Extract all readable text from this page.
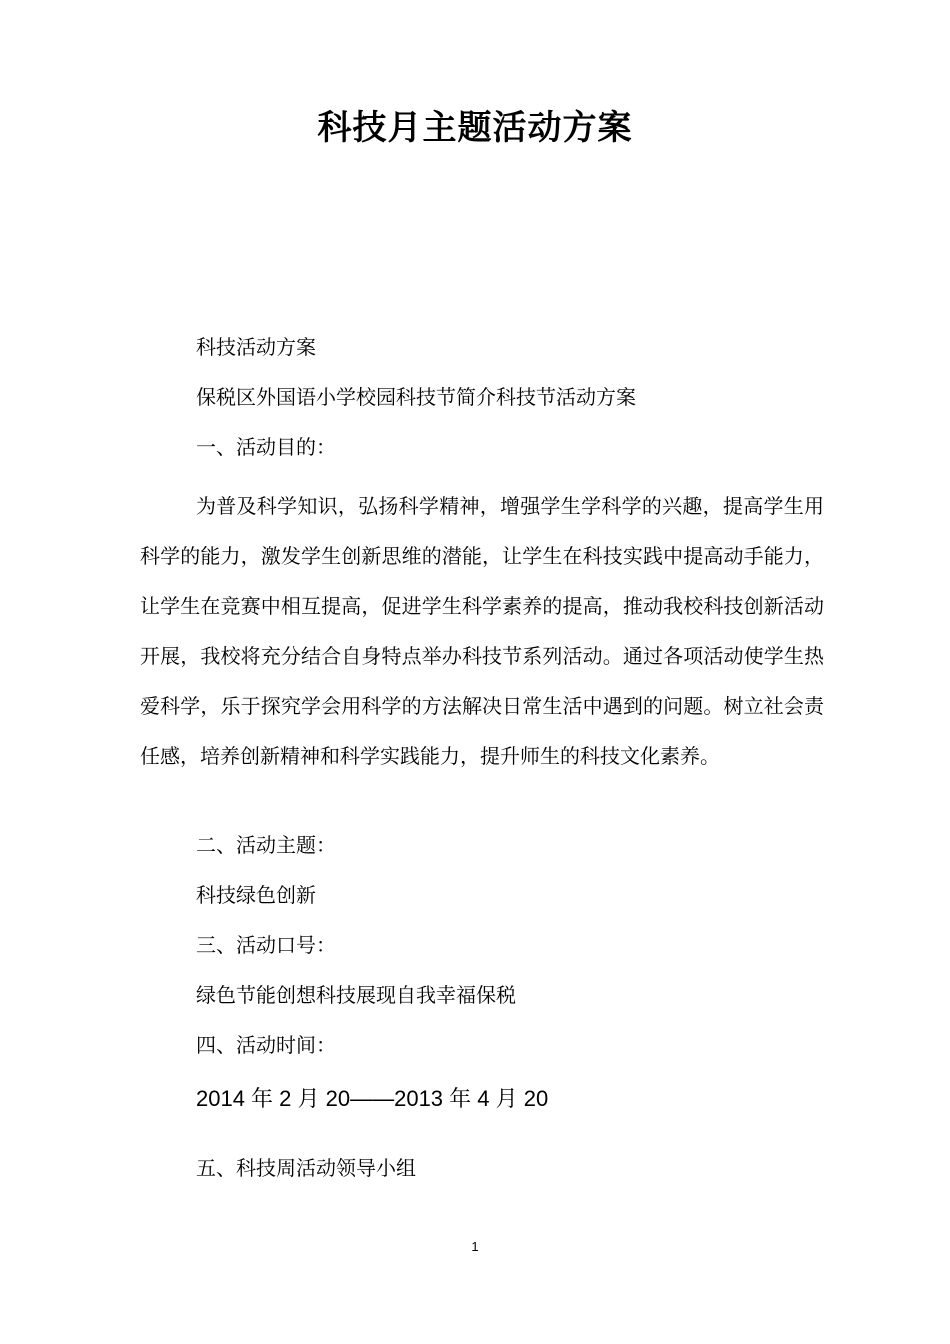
科技月主题活动方案
科技活动方案
保税区外国语小学校园科技节简介科技节活动方案
一、活动目的：
为普及科学知识，弘扬科学精神，增强学生学科学的兴趣，提高学生用科学的能力，激发学生创新思维的潜能，让学生在科技实践中提高动手能力，让学生在竞赛中相互提高，促进学生科学素养的提高，推动我校科技创新活动开展，我校将充分结合自身特点举办科技节系列活动。通过各项活动使学生热爱科学，乐于探究学会用科学的方法解决日常生活中遇到的问题。树立社会责任感，培养创新精神和科学实践能力，提升师生的科技文化素养。
二、活动主题：
科技绿色创新
三、活动口号：
绿色节能创想科技展现自我幸福保税
四、活动时间：
2014 年 2 月 20——2013 年 4 月 20
五、科技周活动领导小组
1
